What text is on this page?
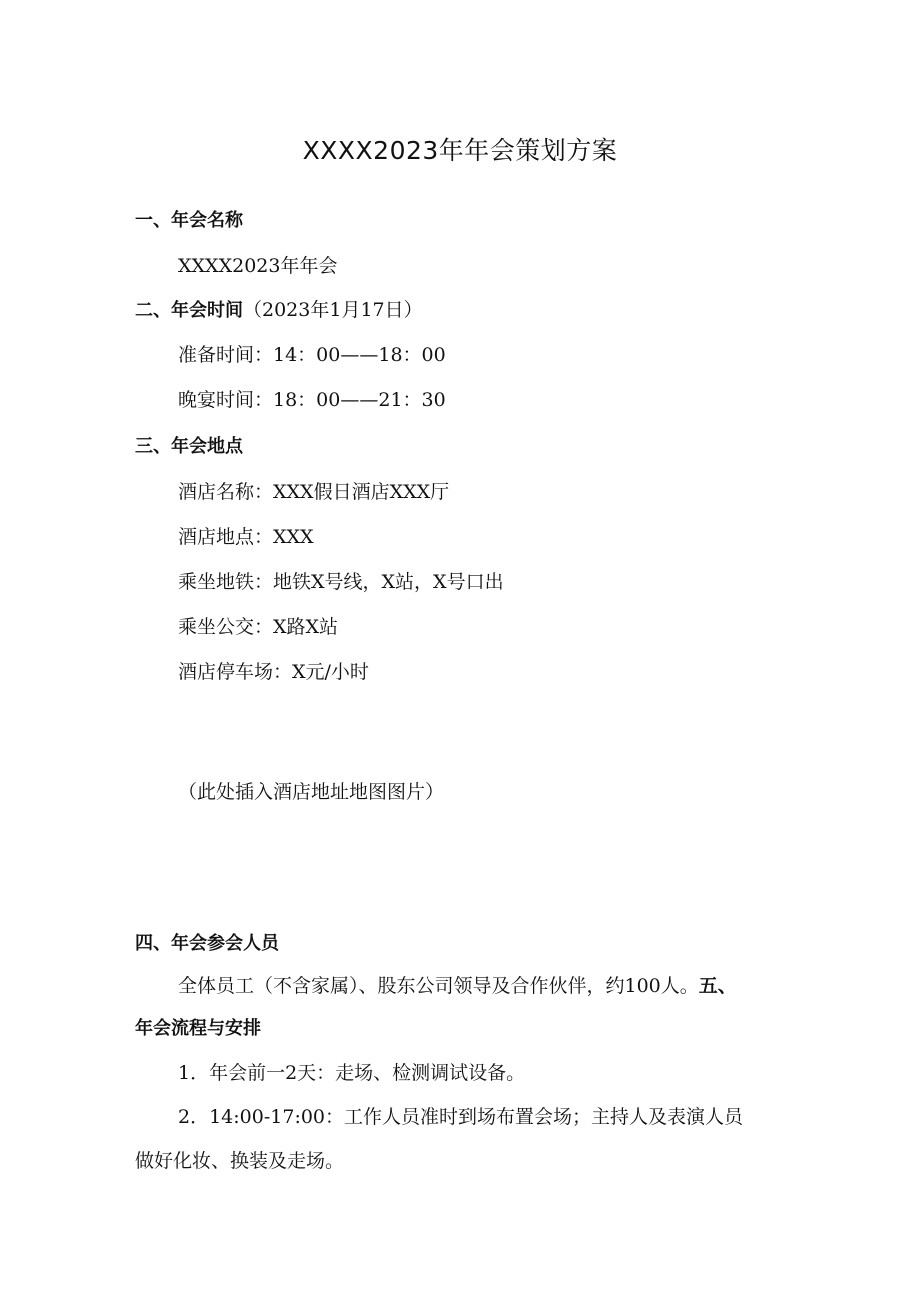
XXXX2023年年会策划方案
一、年会名称
XXXX2023年年会
二、年会时间（2023年1月17日）
准备时间：14：00——18：00
晚宴时间：18：00——21：30
三、年会地点
酒店名称：XXX假日酒店XXX厅
酒店地点：XXX
乘坐地铁：地铁X号线，X站，X号口出
乘坐公交：X路X站
酒店停车场：X元/小时
（此处插入酒店地址地图图片）
四、年会参会人员
全体员工（不含家属）、股东公司领导及合作伙伴，约100人。五、
年会流程与安排
1．年会前一2天：走场、检测调试设备。
2．14:00-17:00：工作人员准时到场布置会场；主持人及表演人员
做好化妆、换装及走场。
